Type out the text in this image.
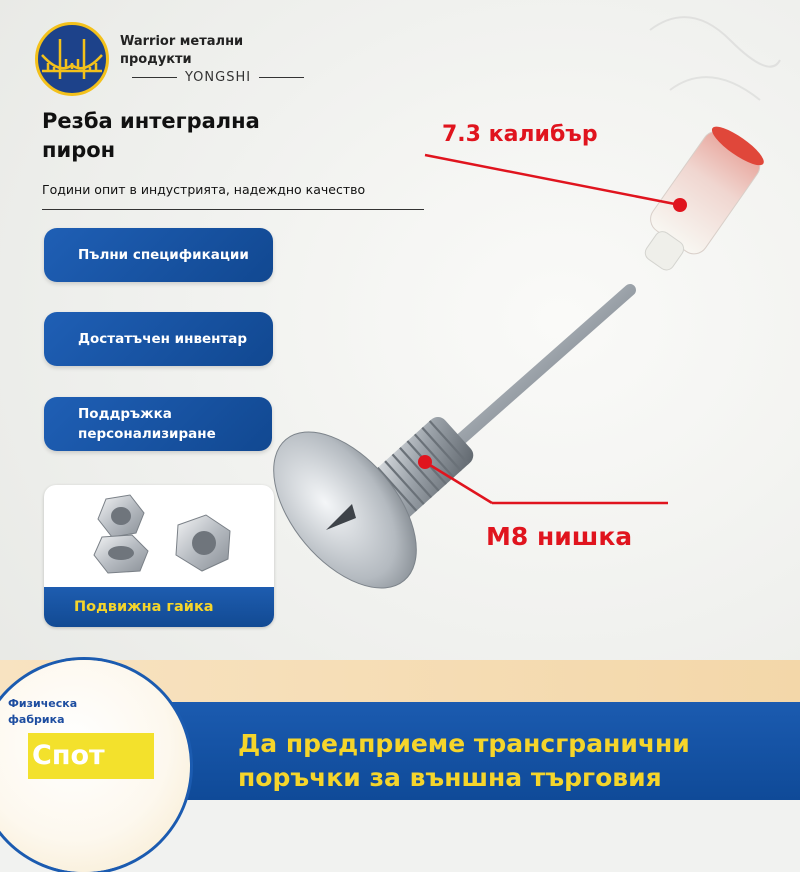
Warrior метални продукти
YONGSHI
Резба интегрална пирон
Години опит в индустрията, надеждно качество
Пълни спецификации
Достатъчен инвентар
Поддръжка персонализиране
Подвижна гайка
7.3 калибър
M8 нишка
Физическа фабрика
Спот	Да предприеме трансгранични поръчки за външна търговия
